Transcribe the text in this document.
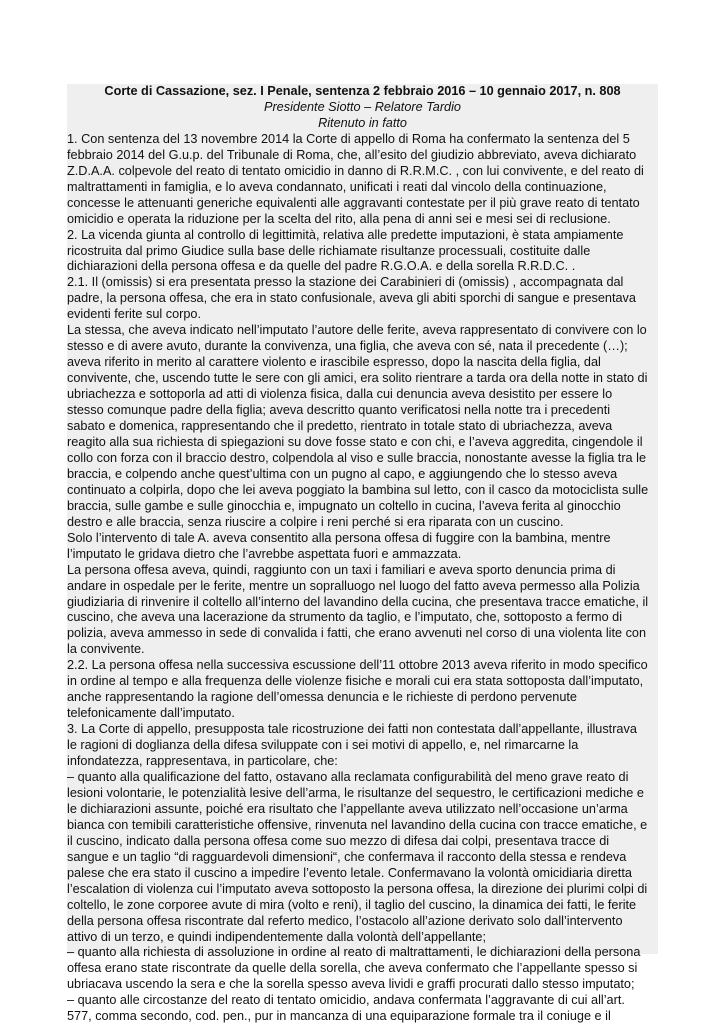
Corte di Cassazione, sez. I Penale, sentenza 2 febbraio 2016 – 10 gennaio 2017, n. 808
Presidente Siotto – Relatore Tardio
Ritenuto in fatto
1. Con sentenza del 13 novembre 2014 la Corte di appello di Roma ha confermato la sentenza del 5
febbraio 2014 del G.u.p. del Tribunale di Roma, che, all’esito del giudizio abbreviato, aveva dichiarato
Z.D.A.A. colpevole del reato di tentato omicidio in danno di R.R.M.C. , con lui convivente, e del reato di
maltrattamenti in famiglia, e lo aveva condannato, unificati i reati dal vincolo della continuazione,
concesse le attenuanti generiche equivalenti alle aggravanti contestate per il più grave reato di tentato
omicidio e operata la riduzione per la scelta del rito, alla pena di anni sei e mesi sei di reclusione.
2. La vicenda giunta al controllo di legittimità, relativa alle predette imputazioni, è stata ampiamente
ricostruita dal primo Giudice sulla base delle richiamate risultanze processuali, costituite dalle
dichiarazioni della persona offesa e da quelle del padre R.G.O.A. e della sorella R.R.D.C. .
2.1. Il (omissis) si era presentata presso la stazione dei Carabinieri di (omissis) , accompagnata dal
padre, la persona offesa, che era in stato confusionale, aveva gli abiti sporchi di sangue e presentava
evidenti ferite sul corpo.
La stessa, che aveva indicato nell’imputato l’autore delle ferite, aveva rappresentato di convivere con lo
stesso e di avere avuto, durante la convivenza, una figlia, che aveva con sé, nata il precedente (…);
aveva riferito in merito al carattere violento e irascibile espresso, dopo la nascita della figlia, dal
convivente, che, uscendo tutte le sere con gli amici, era solito rientrare a tarda ora della notte in stato di
ubriachezza e sottoporla ad atti di violenza fisica, dalla cui denuncia aveva desistito per essere lo
stesso comunque padre della figlia; aveva descritto quanto verificatosi nella notte tra i precedenti
sabato e domenica, rappresentando che il predetto, rientrato in totale stato di ubriachezza, aveva
reagito alla sua richiesta di spiegazioni su dove fosse stato e con chi, e l’aveva aggredita, cingendole il
collo con forza con il braccio destro, colpendola al viso e sulle braccia, nonostante avesse la figlia tra le
braccia, e colpendo anche quest’ultima con un pugno al capo, e aggiungendo che lo stesso aveva
continuato a colpirla, dopo che lei aveva poggiato la bambina sul letto, con il casco da motociclista sulle
braccia, sulle gambe e sulle ginocchia e, impugnato un coltello in cucina, l’aveva ferita al ginocchio
destro e alle braccia, senza riuscire a colpire i reni perché si era riparata con un cuscino.
Solo l’intervento di tale A. aveva consentito alla persona offesa di fuggire con la bambina, mentre
l’imputato le gridava dietro che l’avrebbe aspettata fuori e ammazzata.
La persona offesa aveva, quindi, raggiunto con un taxi i familiari e aveva sporto denuncia prima di
andare in ospedale per le ferite, mentre un sopralluogo nel luogo del fatto aveva permesso alla Polizia
giudiziaria di rinvenire il coltello all’interno del lavandino della cucina, che presentava tracce ematiche, il
cuscino, che aveva una lacerazione da strumento da taglio, e l’imputato, che, sottoposto a fermo di
polizia, aveva ammesso in sede di convalida i fatti, che erano avvenuti nel corso di una violenta lite con
la convivente.
2.2. La persona offesa nella successiva escussione dell’11 ottobre 2013 aveva riferito in modo specifico
in ordine al tempo e alla frequenza delle violenze fisiche e morali cui era stata sottoposta dall’imputato,
anche rappresentando la ragione dell’omessa denuncia e le richieste di perdono pervenute
telefonicamente dall’imputato.
3. La Corte di appello, presupposta tale ricostruzione dei fatti non contestata dall’appellante, illustrava
le ragioni di doglianza della difesa sviluppate con i sei motivi di appello, e, nel rimarcarne la
infondatezza, rappresentava, in particolare, che:
– quanto alla qualificazione del fatto, ostavano alla reclamata configurabilità del meno grave reato di
lesioni volontarie, le potenzialità lesive dell’arma, le risultanze del sequestro, le certificazioni mediche e
le dichiarazioni assunte, poiché era risultato che l’appellante aveva utilizzato nell’occasione un’arma
bianca con temibili caratteristiche offensive, rinvenuta nel lavandino della cucina con tracce ematiche, e
il cuscino, indicato dalla persona offesa come suo mezzo di difesa dai colpi, presentava tracce di
sangue e un taglio “di ragguardevoli dimensioni“, che confermava il racconto della stessa e rendeva
palese che era stato il cuscino a impedire l’evento letale. Confermavano la volontà omicidiaria diretta
l’escalation di violenza cui l’imputato aveva sottoposto la persona offesa, la direzione dei plurimi colpi di
coltello, le zone corporee avute di mira (volto e reni), il taglio del cuscino, la dinamica dei fatti, le ferite
della persona offesa riscontrate dal referto medico, l’ostacolo all’azione derivato solo dall’intervento
attivo di un terzo, e quindi indipendentemente dalla volontà dell’appellante;
– quanto alla richiesta di assoluzione in ordine al reato di maltrattamenti, le dichiarazioni della persona
offesa erano state riscontrate da quelle della sorella, che aveva confermato che l’appellante spesso si
ubriacava uscendo la sera e che la sorella spesso aveva lividi e graffi procurati dallo stesso imputato;
– quanto alle circostanze del reato di tentato omicidio, andava confermata l’aggravante di cui all’art.
577, comma secondo, cod. pen., pur in mancanza di una equiparazione formale tra il coniuge e il
